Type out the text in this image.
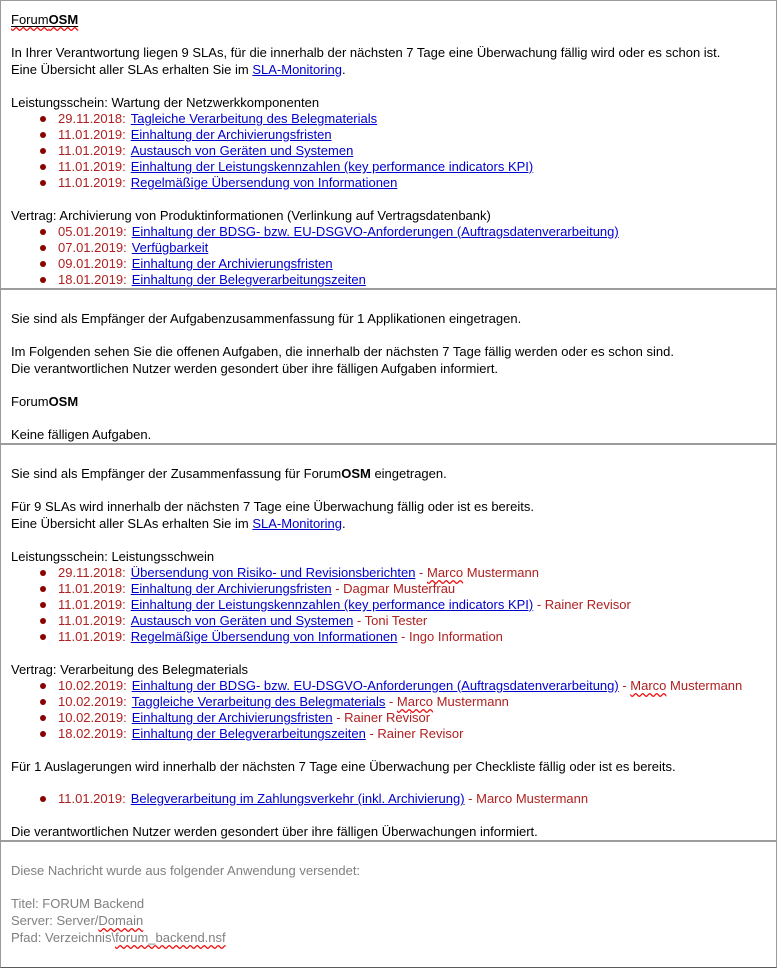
ForumOSM
In Ihrer Verantwortung liegen 9 SLAs, für die innerhalb der nächsten 7 Tage eine Überwachung fällig wird oder es schon ist.
Eine Übersicht aller SLAs erhalten Sie im SLA-Monitoring.
Leistungsschein: Wartung der Netzwerkkomponenten
29.11.2018: Tagleiche Verarbeitung des Belegmaterials
11.01.2019: Einhaltung der Archivierungsfristen
11.01.2019: Austausch von Geräten und Systemen
11.01.2019: Einhaltung der Leistungskennzahlen (key performance indicators KPI)
11.01.2019: Regelmäßige Übersendung von Informationen
Vertrag: Archivierung von Produktinformationen (Verlinkung auf Vertragsdatenbank)
05.01.2019: Einhaltung der BDSG- bzw. EU-DSGVO-Anforderungen (Auftragsdatenverarbeitung)
07.01.2019: Verfügbarkeit
09.01.2019: Einhaltung der Archivierungsfristen
18.01.2019: Einhaltung der Belegverarbeitungszeiten
Sie sind als Empfänger der Aufgabenzusammenfassung für 1 Applikationen eingetragen.
Im Folgenden sehen Sie die offenen Aufgaben, die innerhalb der nächsten 7 Tage fällig werden oder es schon sind.
Die verantwortlichen Nutzer werden gesondert über ihre fälligen Aufgaben informiert.
ForumOSM
Keine fälligen Aufgaben.
Sie sind als Empfänger der Zusammenfassung für ForumOSM eingetragen.
Für 9 SLAs wird innerhalb der nächsten 7 Tage eine Überwachung fällig oder ist es bereits.
Eine Übersicht aller SLAs erhalten Sie im SLA-Monitoring.
Leistungsschein: Leistungsschwein
29.11.2018: Übersendung von Risiko- und Revisionsberichten - Marco Mustermann
11.01.2019: Einhaltung der Archivierungsfristen - Dagmar Musterfrau
11.01.2019: Einhaltung der Leistungskennzahlen (key performance indicators KPI) - Rainer Revisor
11.01.2019: Austausch von Geräten und Systemen - Toni Tester
11.01.2019: Regelmäßige Übersendung von Informationen - Ingo Information
Vertrag: Verarbeitung des Belegmaterials
10.02.2019: Einhaltung der BDSG- bzw. EU-DSGVO-Anforderungen (Auftragsdatenverarbeitung) - Marco Mustermann
10.02.2019: Taggleiche Verarbeitung des Belegmaterials - Marco Mustermann
10.02.2019: Einhaltung der Archivierungsfristen - Rainer Revisor
18.02.2019: Einhaltung der Belegverarbeitungszeiten - Rainer Revisor
Für 1 Auslagerungen wird innerhalb der nächsten 7 Tage eine Überwachung per Checkliste fällig oder ist es bereits.
11.01.2019: Belegverarbeitung im Zahlungsverkehr (inkl. Archivierung) - Marco Mustermann
Die verantwortlichen Nutzer werden gesondert über ihre fälligen Überwachungen informiert.
Diese Nachricht wurde aus folgender Anwendung versendet:
Titel: FORUM Backend
Server: Server/Domain
Pfad: Verzeichnis\forum_backend.nsf
